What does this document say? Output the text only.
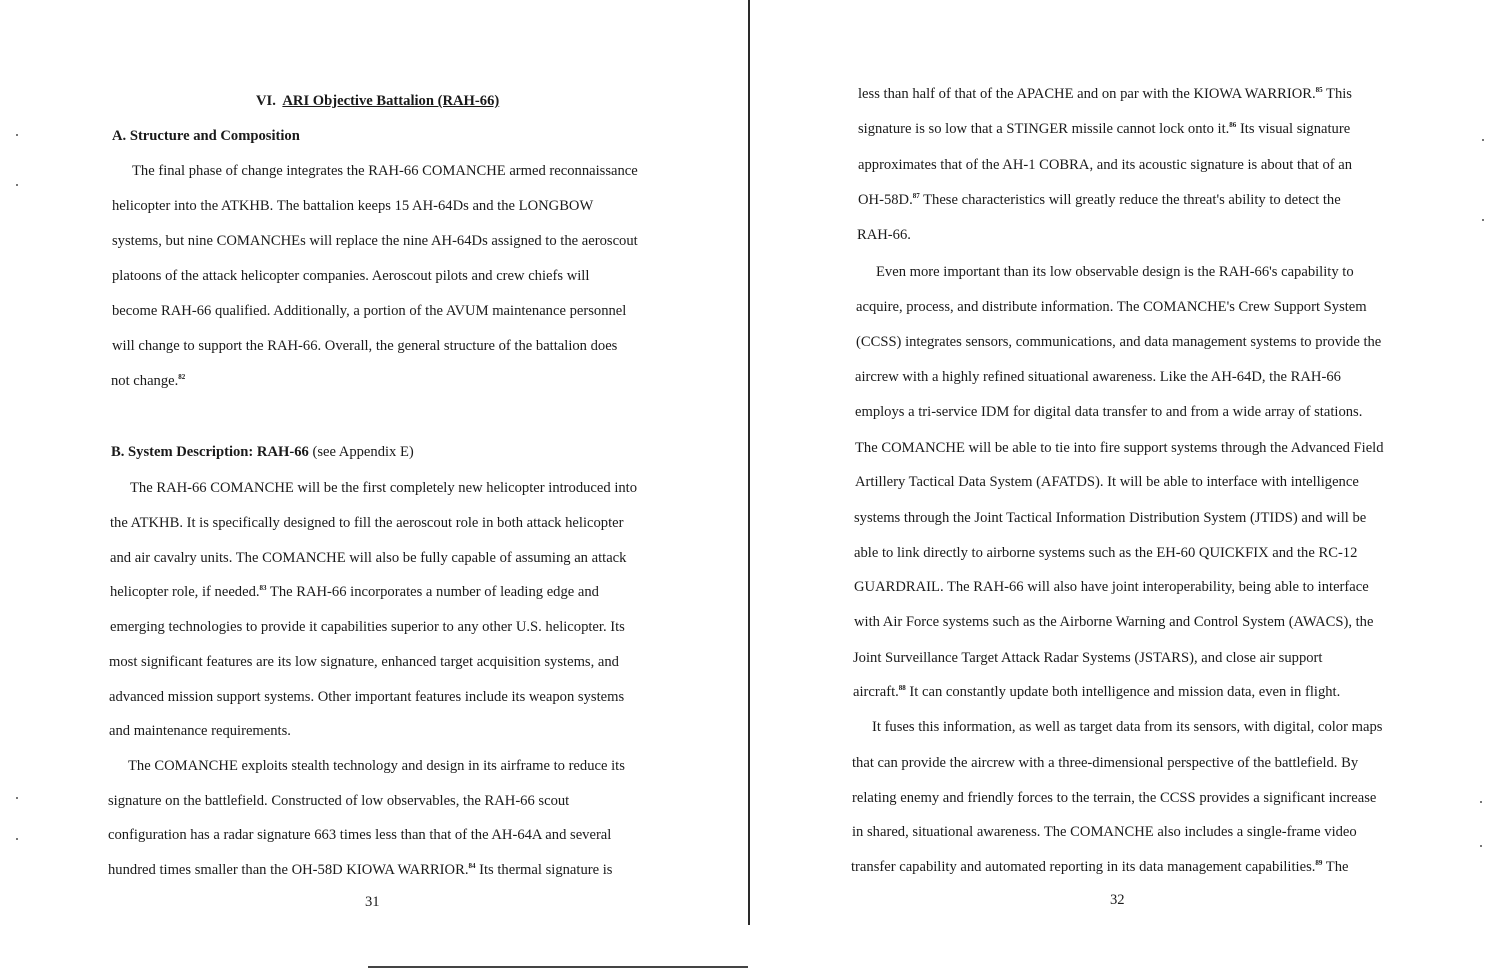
VI. ARI Objective Battalion (RAH-66)
A. Structure and Composition
The final phase of change integrates the RAH-66 COMANCHE armed reconnaissance
helicopter into the ATKHB. The battalion keeps 15 AH-64Ds and the LONGBOW
systems, but nine COMANCHEs will replace the nine AH-64Ds assigned to the aeroscout
platoons of the attack helicopter companies. Aeroscout pilots and crew chiefs will
become RAH-66 qualified. Additionally, a portion of the AVUM maintenance personnel
will change to support the RAH-66. Overall, the general structure of the battalion does
not change.$^{82}$
B. System Description: RAH-66 (see Appendix E)
The RAH-66 COMANCHE will be the first completely new helicopter introduced into
the ATKHB. It is specifically designed to fill the aeroscout role in both attack helicopter
and air cavalry units. The COMANCHE will also be fully capable of assuming an attack
helicopter role, if needed.$^{83}$ The RAH-66 incorporates a number of leading edge and
emerging technologies to provide it capabilities superior to any other U.S. helicopter. Its
most significant features are its low signature, enhanced target acquisition systems, and
advanced mission support systems. Other important features include its weapon systems
and maintenance requirements.
The COMANCHE exploits stealth technology and design in its airframe to reduce its
signature on the battlefield. Constructed of low observables, the RAH-66 scout
configuration has a radar signature 663 times less than that of the AH-64A and several
hundred times smaller than the OH-58D KIOWA WARRIOR.$^{84}$ Its thermal signature is
31
less than half of that of the APACHE and on par with the KIOWA WARRIOR.$^{85}$ This
signature is so low that a STINGER missile cannot lock onto it.$^{86}$ Its visual signature
approximates that of the AH-1 COBRA, and its acoustic signature is about that of an
OH-58D.$^{87}$ These characteristics will greatly reduce the threat's ability to detect the
RAH-66.
Even more important than its low observable design is the RAH-66's capability to
acquire, process, and distribute information. The COMANCHE's Crew Support System
(CCSS) integrates sensors, communications, and data management systems to provide the
aircrew with a highly refined situational awareness. Like the AH-64D, the RAH-66
employs a tri-service IDM for digital data transfer to and from a wide array of stations.
The COMANCHE will be able to tie into fire support systems through the Advanced Field
Artillery Tactical Data System (AFATDS). It will be able to interface with intelligence
systems through the Joint Tactical Information Distribution System (JTIDS) and will be
able to link directly to airborne systems such as the EH-60 QUICKFIX and the RC-12
GUARDRAIL. The RAH-66 will also have joint interoperability, being able to interface
with Air Force systems such as the Airborne Warning and Control System (AWACS), the
Joint Surveillance Target Attack Radar Systems (JSTARS), and close air support
aircraft.$^{88}$ It can constantly update both intelligence and mission data, even in flight.
It fuses this information, as well as target data from its sensors, with digital, color maps
that can provide the aircrew with a three-dimensional perspective of the battlefield. By
relating enemy and friendly forces to the terrain, the CCSS provides a significant increase
in shared, situational awareness. The COMANCHE also includes a single-frame video
transfer capability and automated reporting in its data management capabilities.$^{89}$ The
32
